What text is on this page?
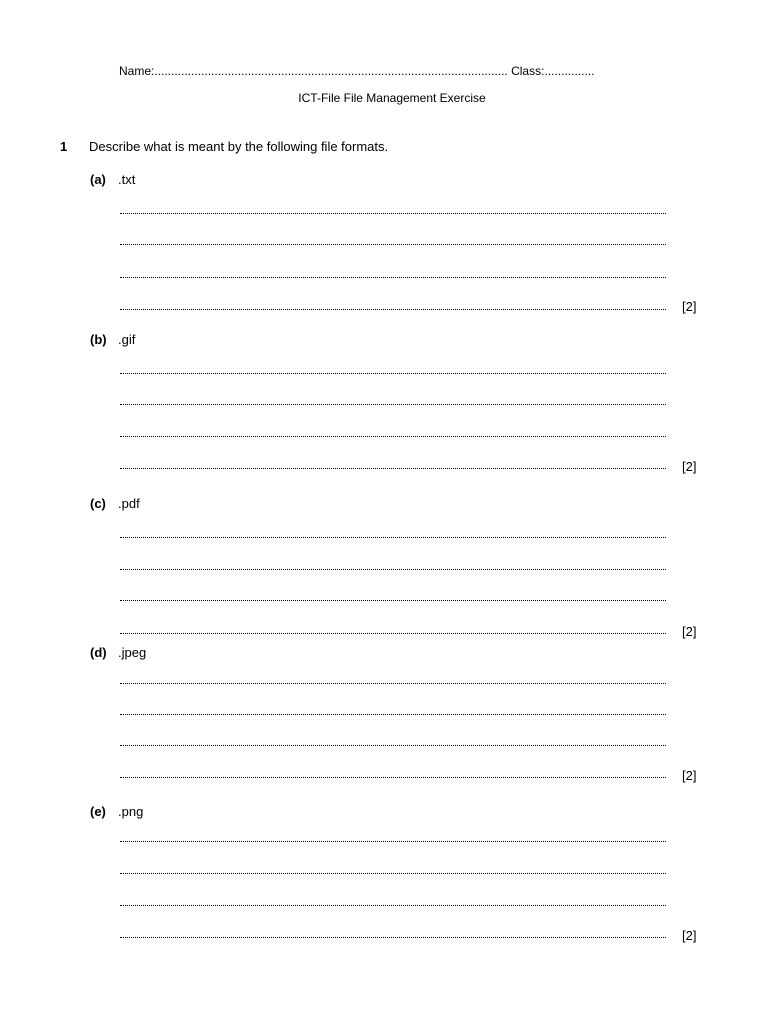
Name:.......................................................................................................... Class:...............
ICT-File File Management Exercise
1 Describe what is meant by the following file formats.
(a) .txt
[2]
(b) .gif
[2]
(c) .pdf
[2]
(d) .jpeg
[2]
(e) .png
[2]
